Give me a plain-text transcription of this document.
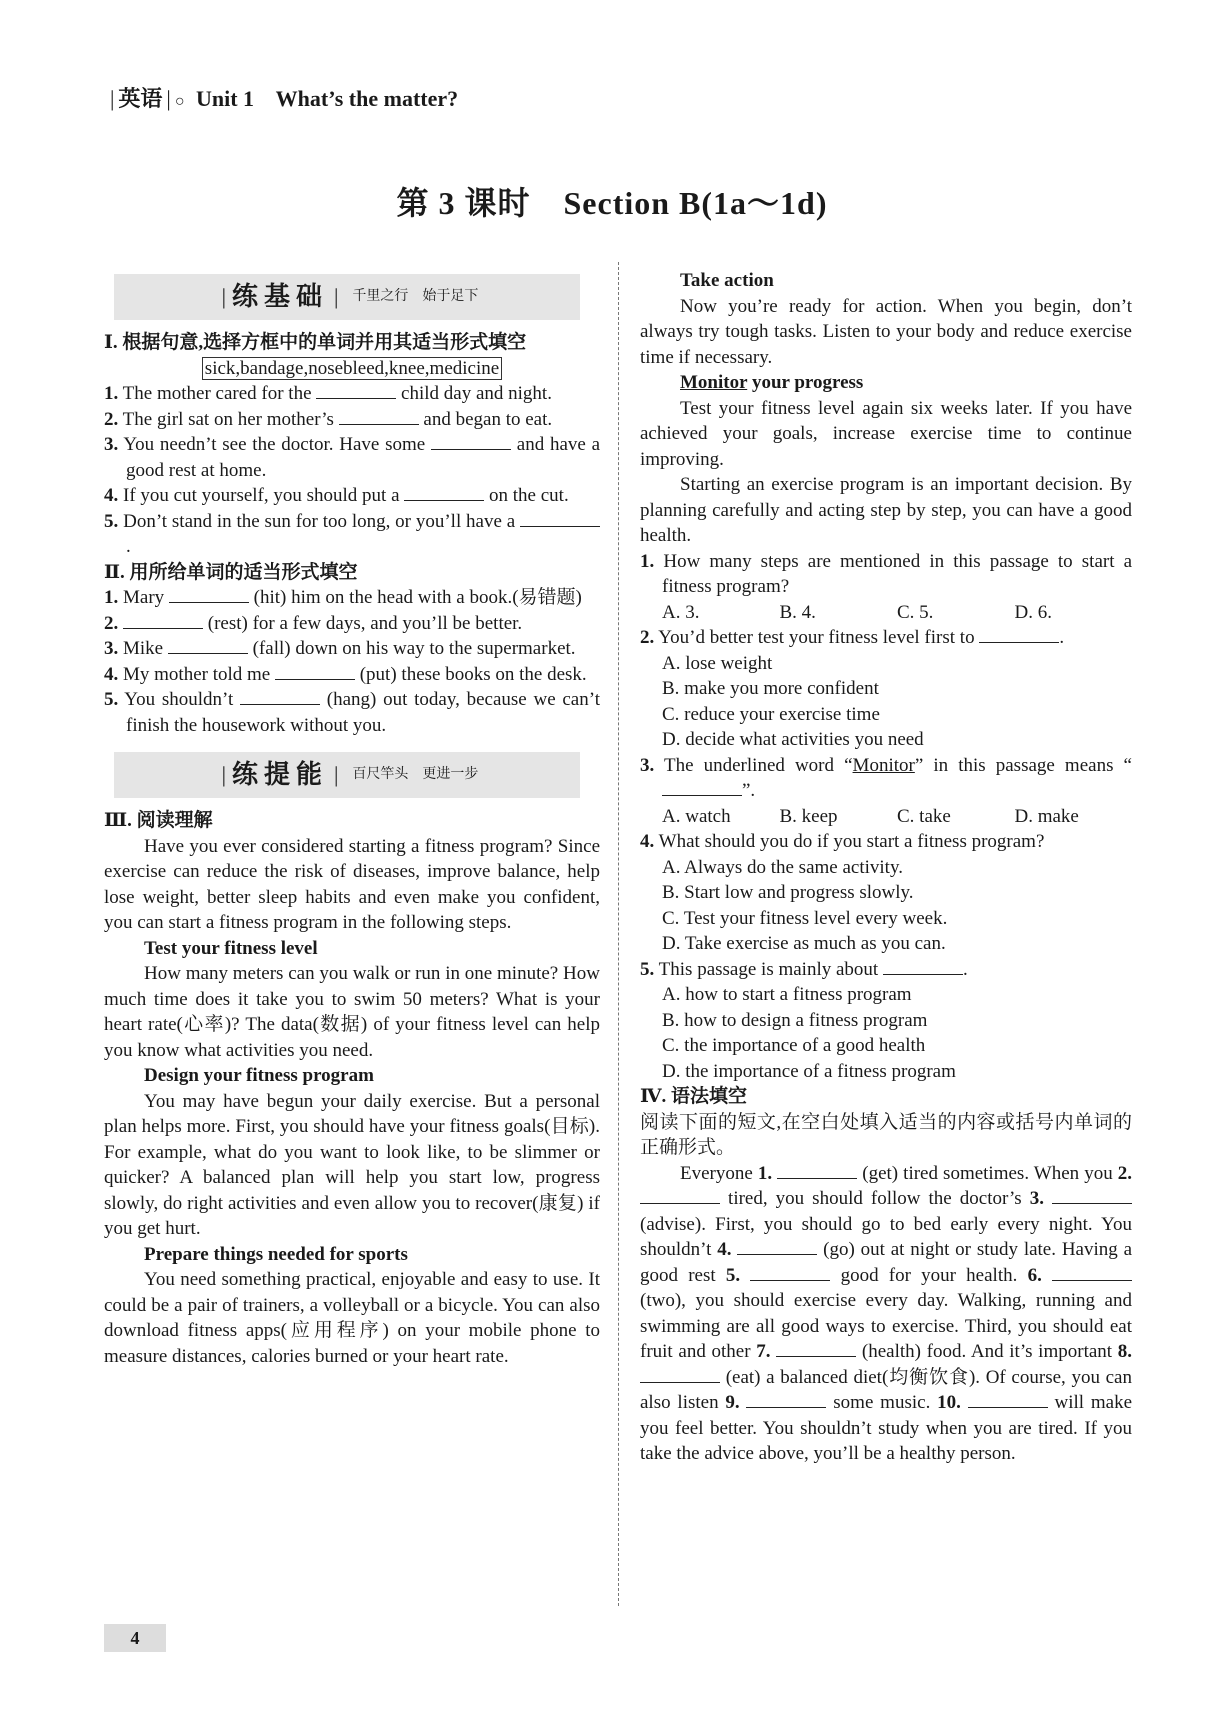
| 英语 | ○ Unit 1 What’s the matter?
第 3 课时　Section B(1a～1d)
| 练基础 | 千里之行　始于足下

Ⅰ. 根据句意,选择方框中的单词并用其适当形式填空

sick,bandage,nosebleed,knee,medicine

1. The mother cared for the	child day and night.

2. The girl sat on her mother’s	and began to eat.

3. You needn’t see the doctor. Have some	and have a good rest at home.

4. If you cut yourself, you should put a	on the cut.

5. Don’t stand in the sun for too long, or you’ll have a .

Ⅱ. 用所给单词的适当形式填空

1. Mary	(hit) him on the head with a book.(易错题)

2.	(rest) for a few days, and you’ll be better.

3. Mike	(fall) down on his way to the supermarket.

4. My mother told me	(put) these books on the desk.

5. You shouldn’t	(hang) out today, because we can’t finish the housework without you.

| 练提能 | 百尺竿头　更进一步

Ⅲ. 阅读理解

Have you ever considered starting a fitness program? Since exercise can reduce the risk of diseases, improve balance, help lose weight, better sleep habits and even make you confident, you can start a fitness program in the following steps.

Test your fitness level

How many meters can you walk or run in one minute? How much time does it take you to swim 50 meters? What is your heart rate(心率)? The data(数据) of your fitness level can help you know what activities you need.

Design your fitness program

You may have begun your daily exercise. But a personal plan helps more. First, you should have your fitness goals(目标). For example, what do you want to look like, to be slimmer or quicker? A balanced plan will help you start low, progress slowly, do right activities and even allow you to recover(康复) if you get hurt.

Prepare things needed for sports

You need something practical, enjoyable and easy to use. It could be a pair of trainers, a volleyball or a bicycle. You can also download fitness apps(应用程序) on your mobile phone to measure distances, calories burned or your heart rate.

Take action

Now you’re ready for action. When you begin, don’t always try tough tasks. Listen to your body and reduce exercise time if necessary.

Monitor your progress

Test your fitness level again six weeks later. If you have achieved your goals, increase exercise time to continue improving.

Starting an exercise program is an important decision. By planning carefully and acting step by step, you can have a good health.

1. How many steps are mentioned in this passage to start a fitness program?

A. 3.	B. 4.	C. 5.	D. 6.

2. You’d better test your fitness level first to	.

A. lose weight

B. make you more confident

C. reduce your exercise time

D. decide what activities you need

3. The underlined word “Monitor” in this passage means “”.

A. watch	B. keep	C. take	D. make

4. What should you do if you start a fitness program?

A. Always do the same activity.

B. Start low and progress slowly.

C. Test your fitness level every week.

D. Take exercise as much as you can.

5. This passage is mainly about	.

A. how to start a fitness program

B. how to design a fitness program

C. the importance of a good health

D. the importance of a fitness program

Ⅳ. 语法填空

阅读下面的短文,在空白处填入适当的内容或括号内单词的正确形式。

Everyone 1.	(get) tired sometimes. When you 2.  tired, you should follow the doctor’s 3.  (advise). First, you should go to bed early every night. You shouldn’t 4.	(go) out at night or study late. Having a good rest 5.	good for your health. 6.  (two), you should exercise every day. Walking, running and swimming are all good ways to exercise. Third, you should eat fruit and other 7.	(health) food. And it’s important 8.  (eat) a balanced diet(均衡饮食). Of course, you can also listen 9.	some music. 10.	will make you feel better. You shouldn’t study when you are tired. If you take the advice above, you’ll be a healthy person.

4
